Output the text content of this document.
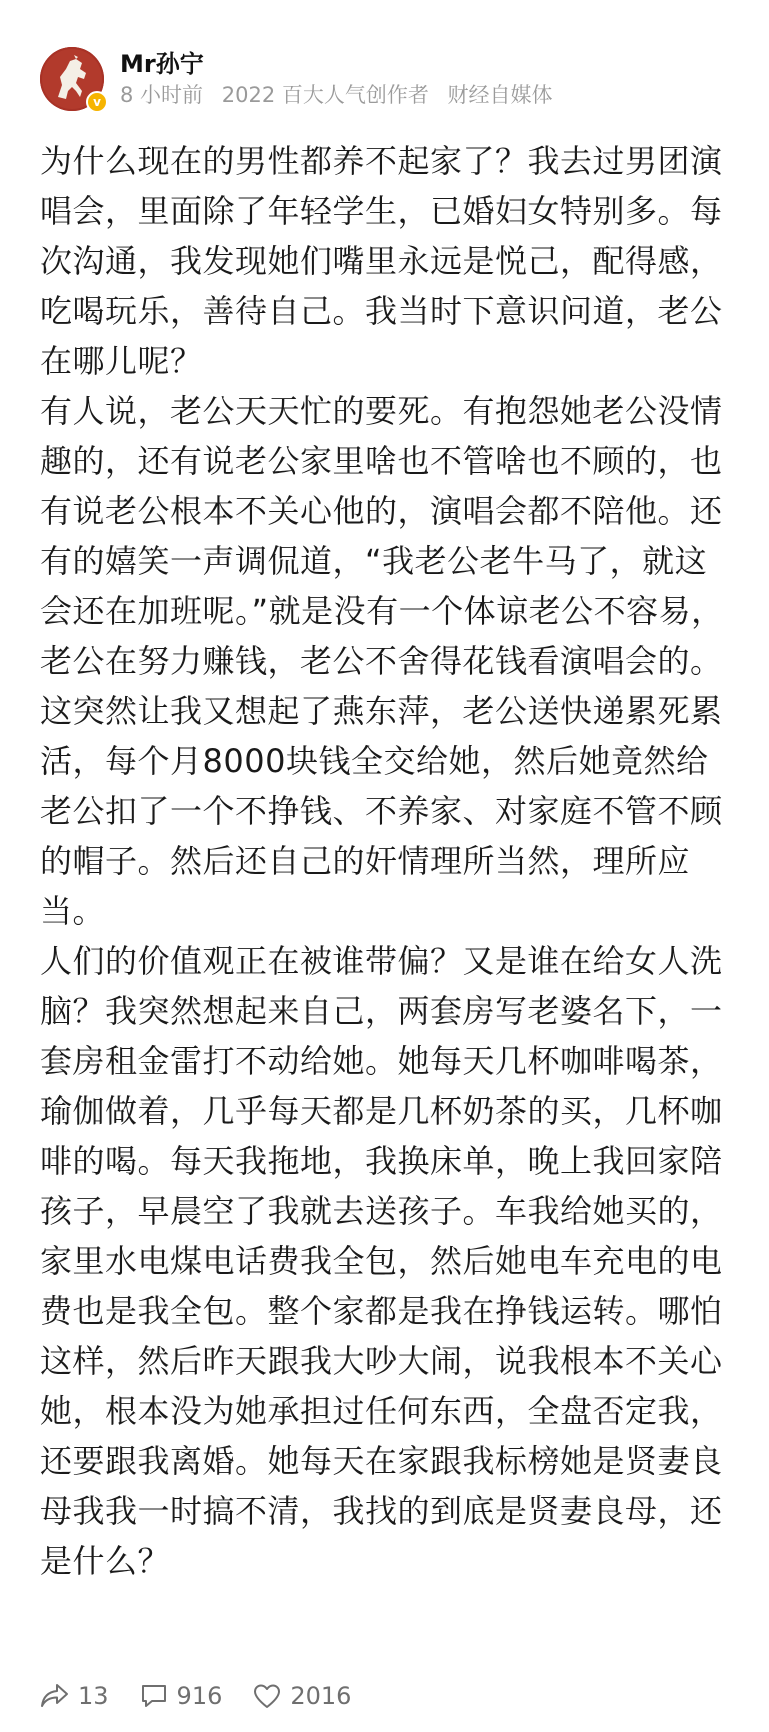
v
Mr孙宁
8 小时前 2022 百大人气创作者 财经自媒体

为什么现在的男性都养不起家了？我去过男团演唱会，里面除了年轻学生，已婚妇女特别多。每次沟通，我发现她们嘴里永远是悦己，配得感，吃喝玩乐，善待自己。我当时下意识问道，老公在哪儿呢？

有人说，老公天天忙的要死。有抱怨她老公没情趣的，还有说老公家里啥也不管啥也不顾的，也有说老公根本不关心他的，演唱会都不陪他。还有的嬉笑一声调侃道，“我老公老牛马了，就这会还在加班呢。”就是没有一个体谅老公不容易，老公在努力赚钱，老公不舍得花钱看演唱会的。这突然让我又想起了燕东萍，老公送快递累死累活，每个月8000块钱全交给她，然后她竟然给老公扣了一个不挣钱、不养家、对家庭不管不顾的帽子。然后还自己的奸情理所当然，理所应当。

人们的价值观正在被谁带偏？又是谁在给女人洗脑？我突然想起来自己，两套房写老婆名下，一套房租金雷打不动给她。她每天几杯咖啡喝茶，瑜伽做着，几乎每天都是几杯奶茶的买，几杯咖啡的喝。每天我拖地，我换床单，晚上我回家陪孩子，早晨空了我就去送孩子。车我给她买的，家里水电煤电话费我全包，然后她电车充电的电费也是我全包。整个家都是我在挣钱运转。哪怕这样，然后昨天跟我大吵大闹，说我根本不关心她，根本没为她承担过任何东西，全盘否定我，还要跟我离婚。她每天在家跟我标榜她是贤妻良母我我一时搞不清，我找的到底是贤妻良母，还是什么？

13	916	2016
